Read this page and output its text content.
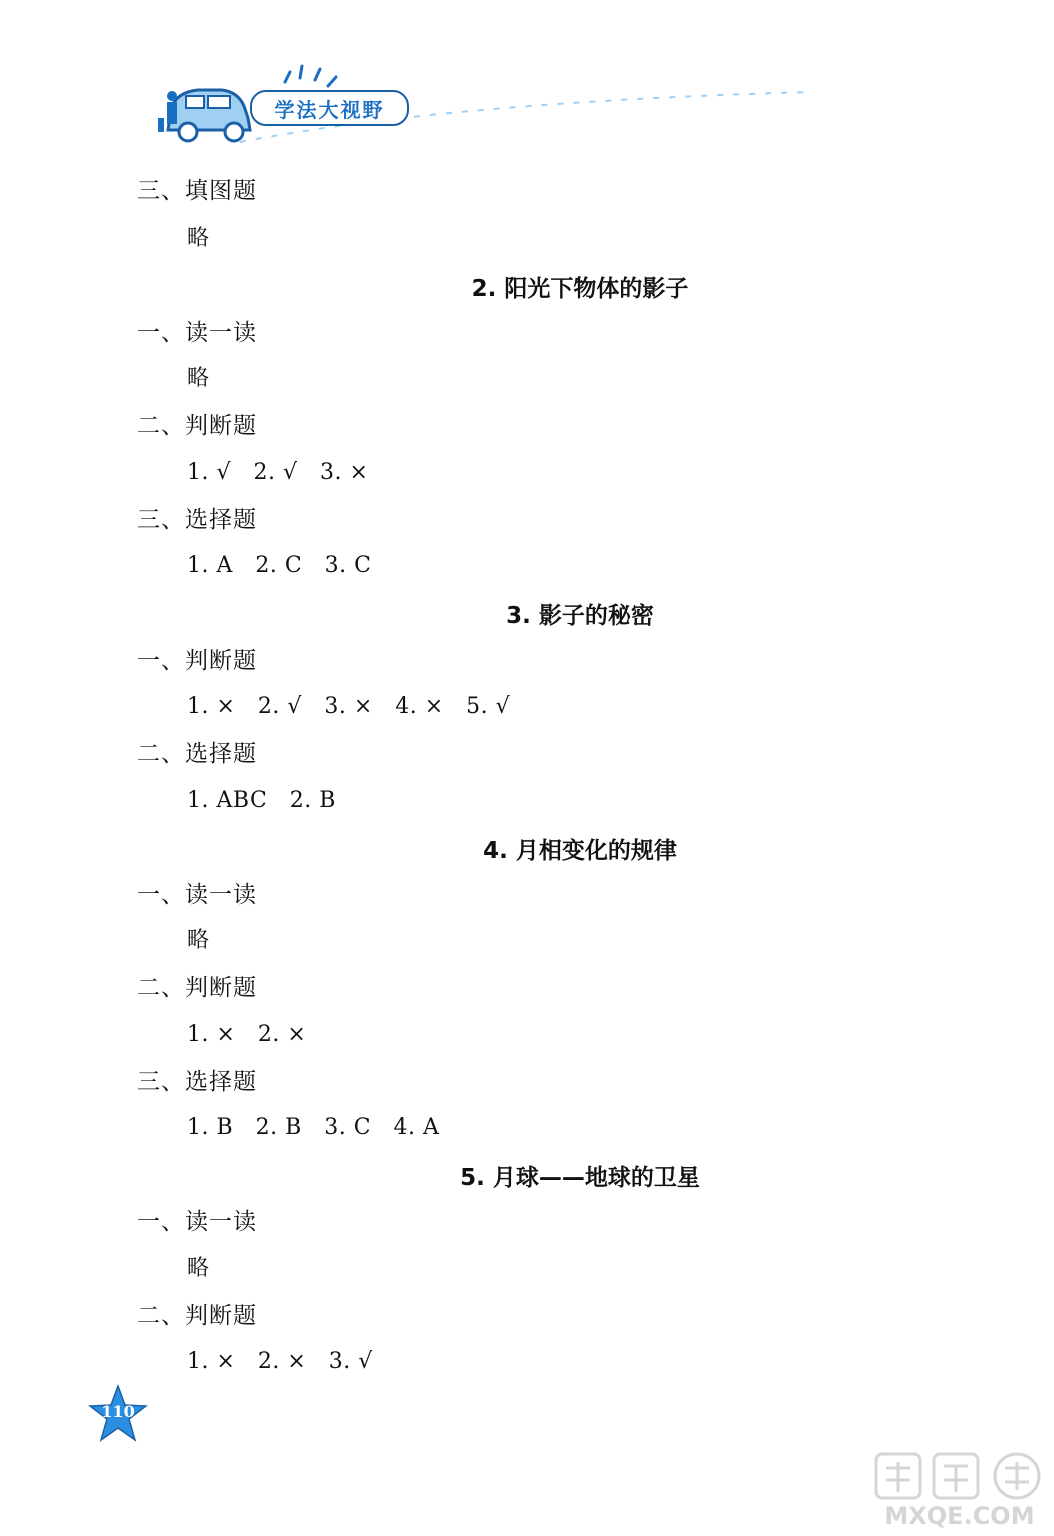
学法大视野
三、填图题
略
2. 阳光下物体的影子
一、读一读
略
二、判断题
1. √   2. √   3. ×
三、选择题
1. A   2. C   3. C
3. 影子的秘密
一、判断题
1. ×   2. √   3. ×   4. ×   5. √
二、选择题
1. ABC   2. B
4. 月相变化的规律
一、读一读
略
二、判断题
1. ×   2. ×
三、选择题
1. B   2. B   3. C   4. A
5. 月球——地球的卫星
一、读一读
略
二、判断题
1. ×   2. ×   3. √
110
MXQE.COM
